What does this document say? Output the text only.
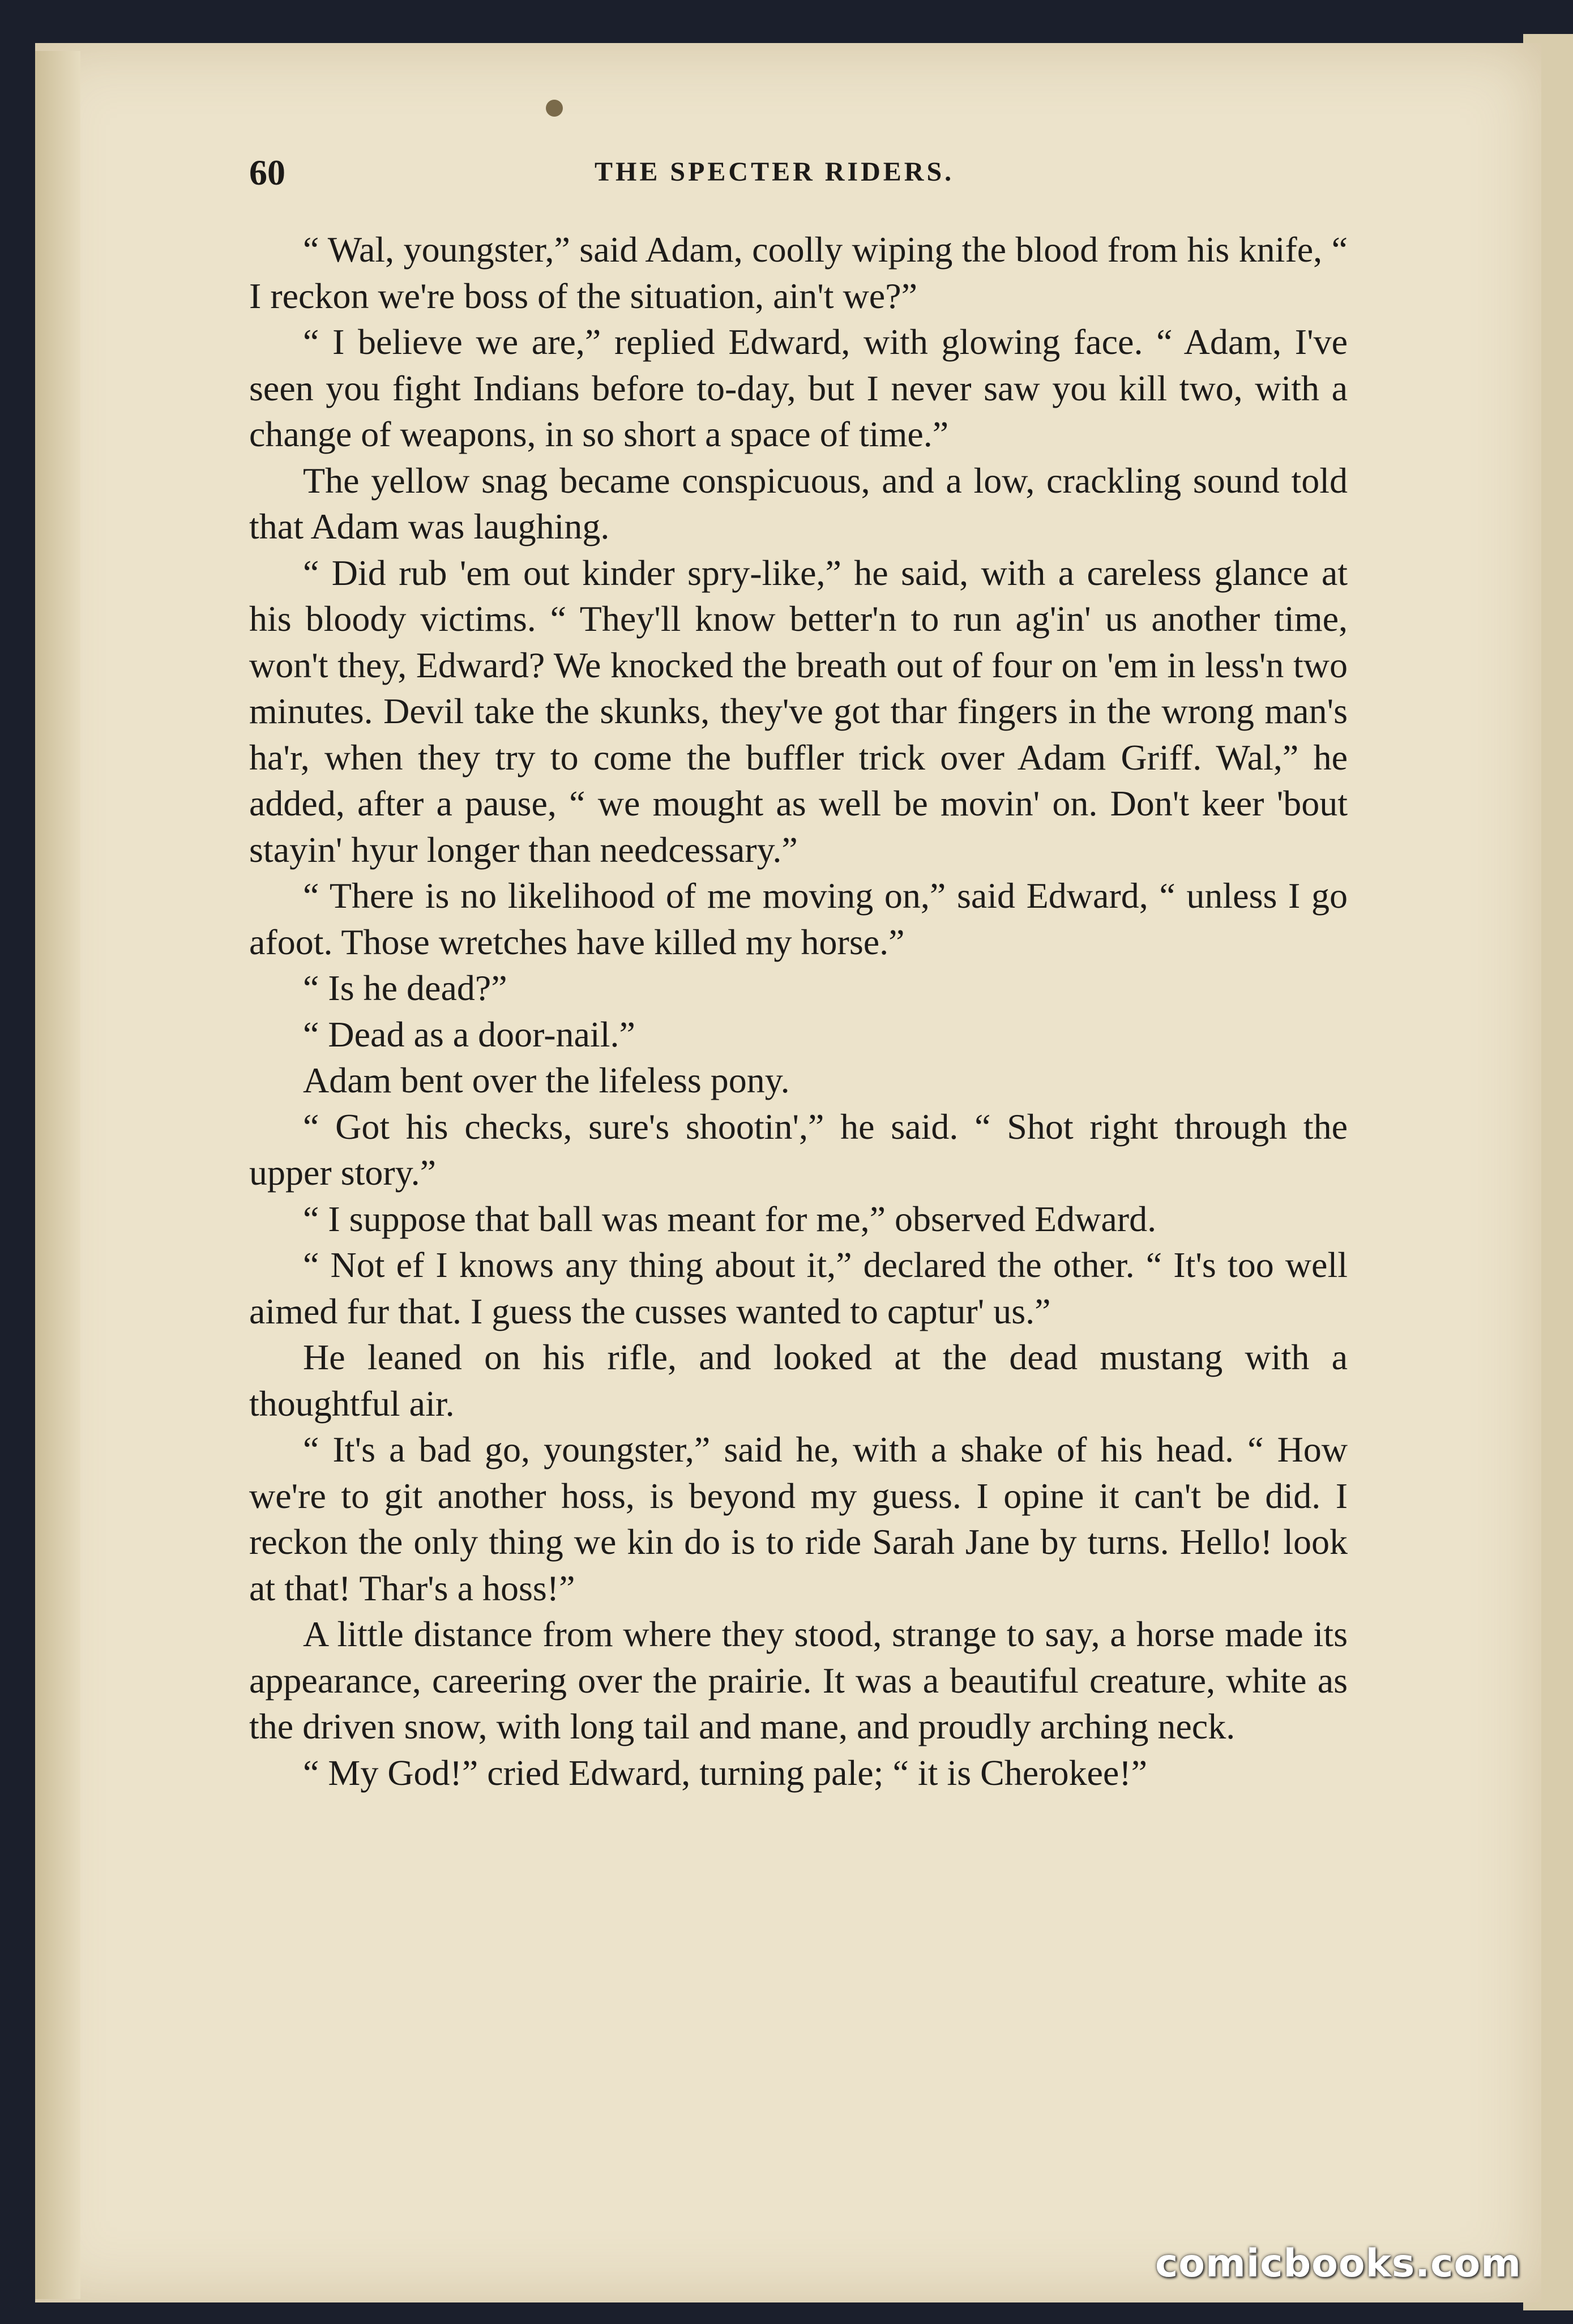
60	THE SPECTER RIDERS.

“ Wal, youngster,” said Adam, coolly wiping the blood from his knife, “ I reckon we're boss of the situation, ain't we?”

“ I believe we are,” replied Edward, with glowing face. “ Adam, I've seen you fight Indians before to-day, but I never saw you kill two, with a change of weapons, in so short a space of time.”

The yellow snag became conspicuous, and a low, crackling sound told that Adam was laughing.

“ Did rub 'em out kinder spry-like,” he said, with a careless glance at his bloody victims. “ They'll know better'n to run ag'in' us another time, won't they, Edward? We knocked the breath out of four on 'em in less'n two minutes. Devil take the skunks, they've got thar fingers in the wrong man's ha'r, when they try to come the buffler trick over Adam Griff. Wal,” he added, after a pause, “ we mought as well be movin' on. Don't keer 'bout stayin' hyur longer than needcessary.”

“ There is no likelihood of me moving on,” said Edward, “ unless I go afoot. Those wretches have killed my horse.”

“ Is he dead?”

“ Dead as a door-nail.”

Adam bent over the lifeless pony.

“ Got his checks, sure's shootin',” he said. “ Shot right through the upper story.”

“ I suppose that ball was meant for me,” observed Edward.

“ Not ef I knows any thing about it,” declared the other. “ It's too well aimed fur that. I guess the cusses wanted to captur' us.”

He leaned on his rifle, and looked at the dead mustang with a thoughtful air.

“ It's a bad go, youngster,” said he, with a shake of his head. “ How we're to git another hoss, is beyond my guess. I opine it can't be did. I reckon the only thing we kin do is to ride Sarah Jane by turns. Hello! look at that! Thar's a hoss!”

A little distance from where they stood, strange to say, a horse made its appearance, careering over the prairie. It was a beautiful creature, white as the driven snow, with long tail and mane, and proudly arching neck.

“ My God!” cried Edward, turning pale; “ it is Cherokee!”

comicbooks.com
